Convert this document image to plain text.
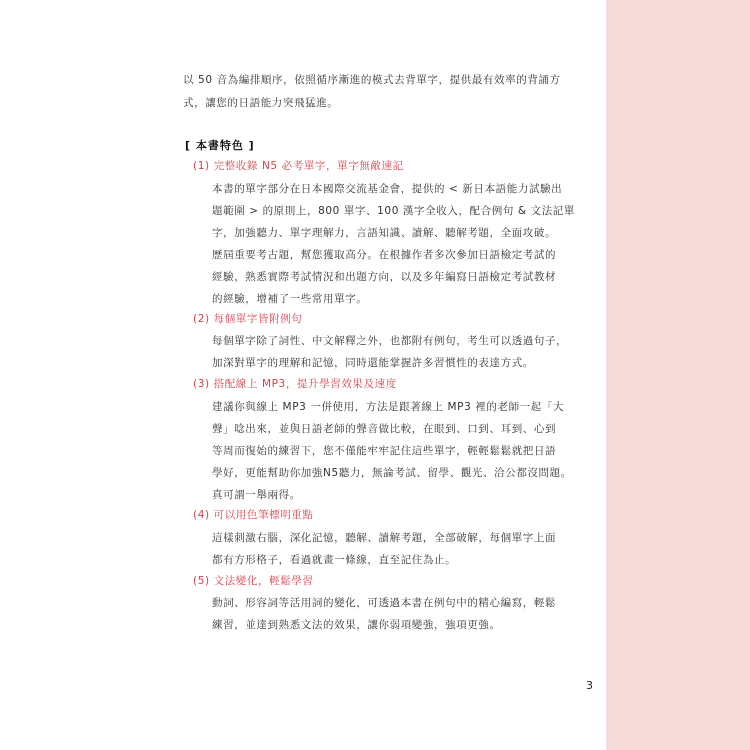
以 50 音為編排順序，依照循序漸進的模式去背單字，提供最有效率的背誦方
式，讓您的日語能力突飛猛進。
[ 本書特色 ]
(1) 完整收錄 N5 必考單字，單字無敵速記
本書的單字部分在日本國際交流基金會，提供的 < 新日本語能力試驗出
題範圍 > 的原則上，800 單字、100 漢字全收入，配合例句 & 文法記單
字，加強聽力、單字理解力，言語知識、讀解、聽解考題，全面攻破。
歷屆重要考古題，幫您獲取高分。在根據作者多次參加日語檢定考試的
經驗，熟悉實際考試情況和出題方向，以及多年編寫日語檢定考試教材
的經驗，增補了一些常用單字。
(2) 每個單字皆附例句
每個單字除了詞性、中文解釋之外，也都附有例句，考生可以透過句子，
加深對單字的理解和記憶，同時還能掌握許多習慣性的表達方式。
(3) 搭配線上 MP3，提升學習效果及速度
建議你與線上 MP3 一併使用，方法是跟著線上 MP3 裡的老師一起「大
聲」唸出來，並與日語老師的聲音做比較，在眼到、口到、耳到、心到
等周而復始的練習下，您不僅能牢牢記住這些單字，輕輕鬆鬆就把日語
學好，更能幫助你加強N5聽力，無論考試、留學、觀光、洽公都沒問題。
真可謂一舉兩得。
(4) 可以用色筆標明重點
這樣刺激右腦，深化記憶，聽解、讀解考題，全部破解，每個單字上面
都有方形格子，看過就畫一條線，直至記住為止。
(5) 文法變化，輕鬆學習
動詞、形容詞等活用詞的變化，可透過本書在例句中的精心編寫，輕鬆
練習，並達到熟悉文法的效果，讓你弱項變強，強項更強。
3
